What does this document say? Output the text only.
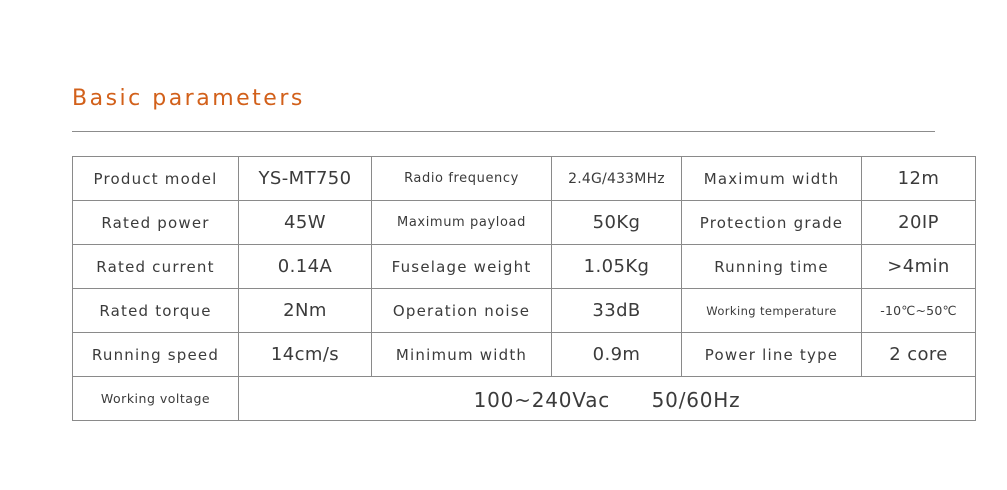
Basic parameters
Product model	YS-MT750	Radio frequency	2.4G/433MHz	Maximum width	12m
Rated power	45W	Maximum payload	50Kg	Protection grade	20IP
Rated current	0.14A	Fuselage weight	1.05Kg	Running time	>4min
Rated torque	2Nm	Operation noise	33dB	Working temperature	-10℃~50℃
Running speed	14cm/s	Minimum width	0.9m	Power line type	2 core
Working voltage	100~240Vac　　50/60Hz				
